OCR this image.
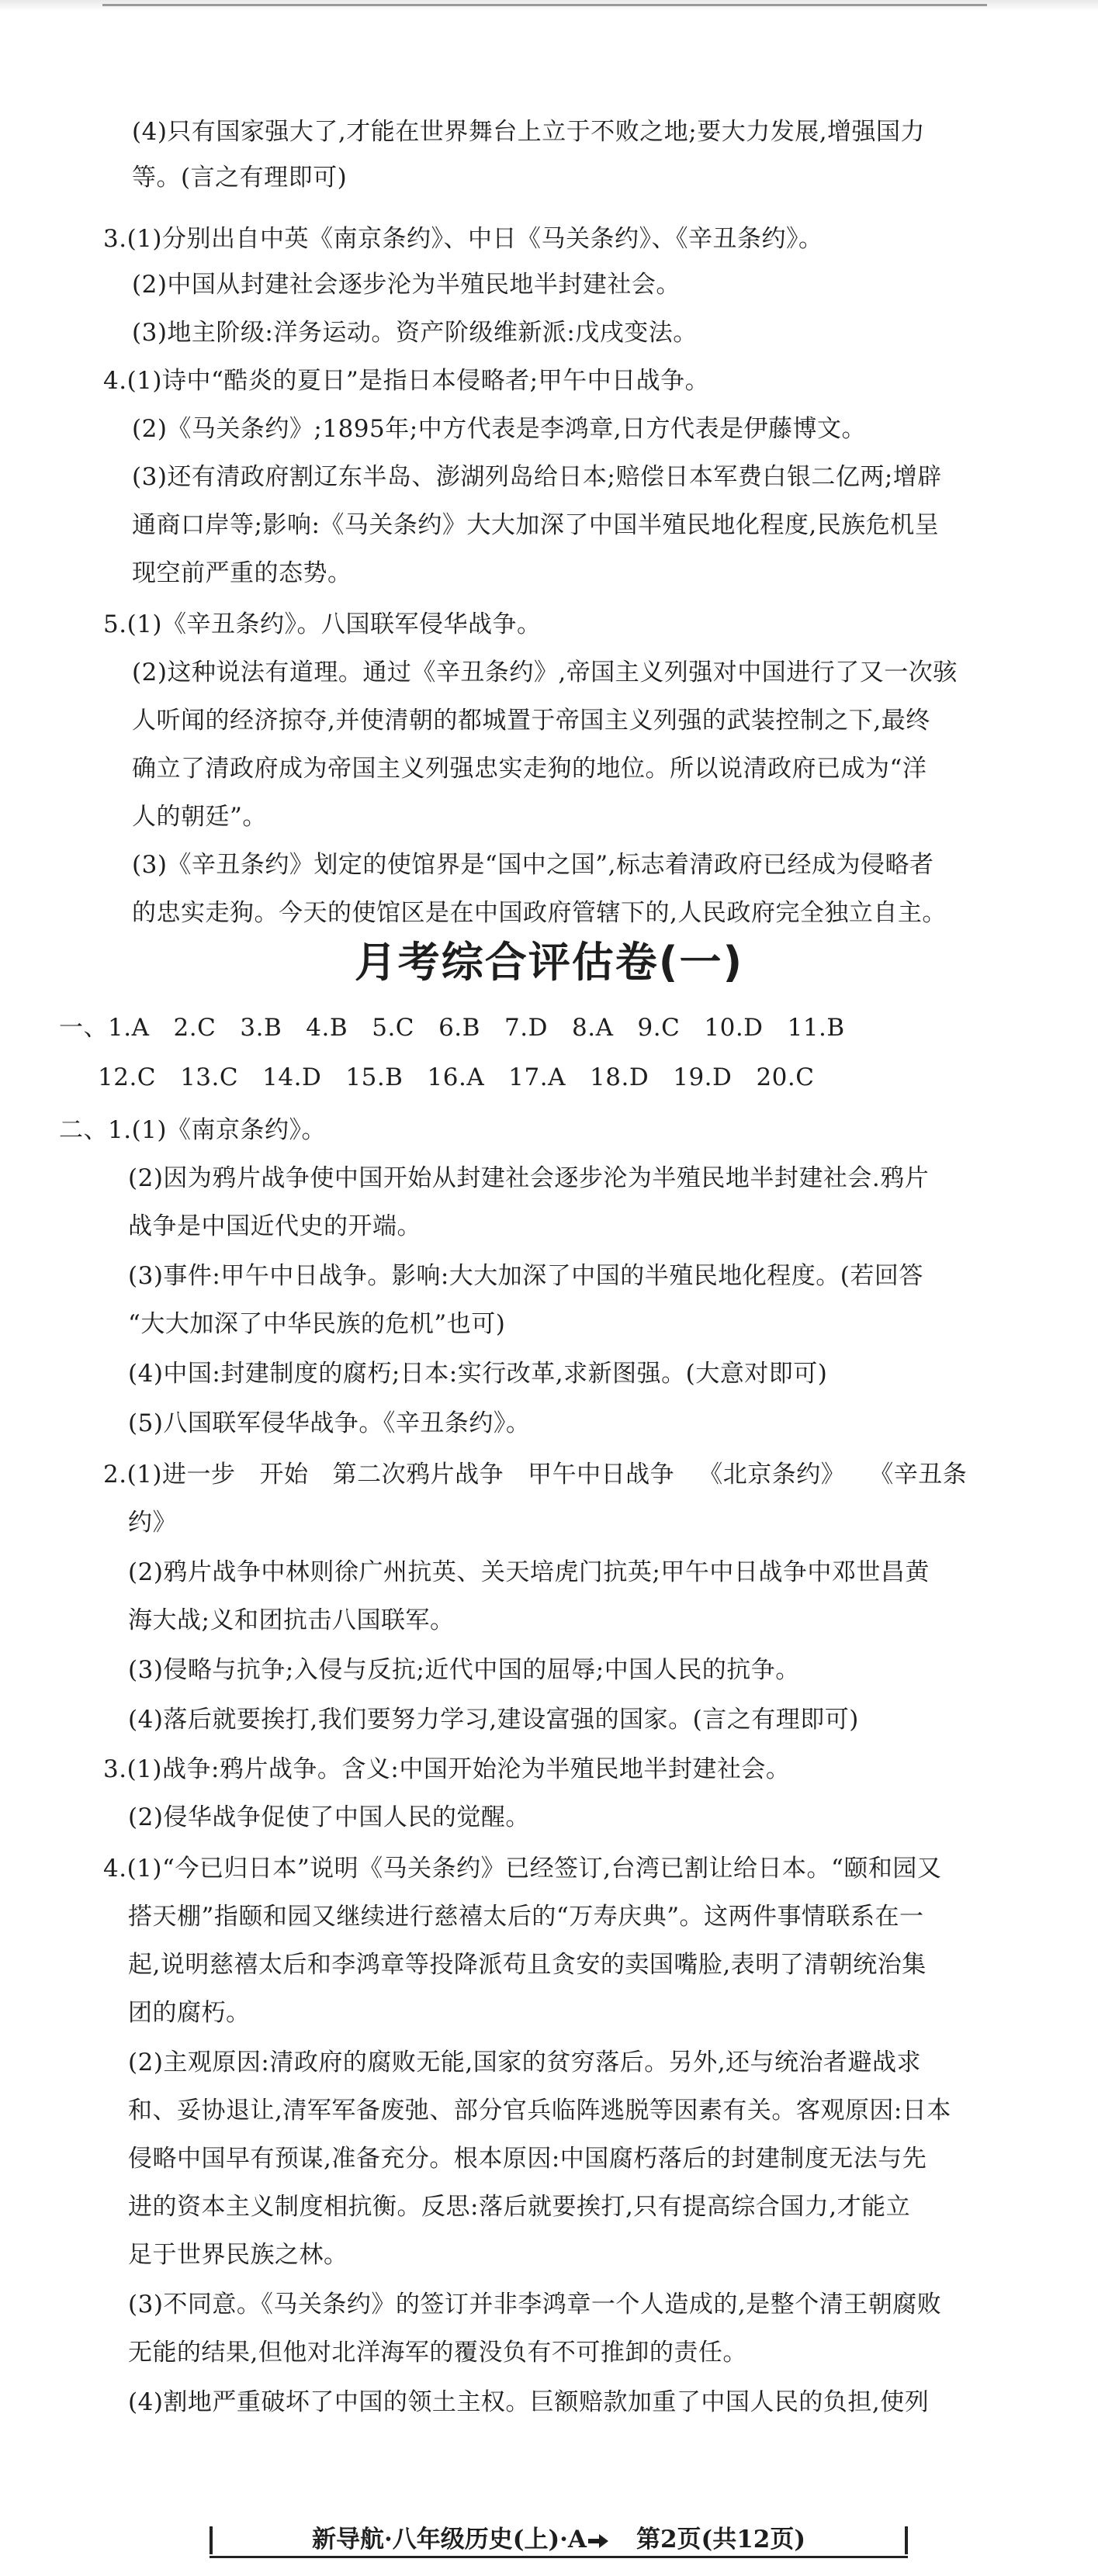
(4)只有国家强大了,才能在世界舞台上立于不败之地;要大力发展,增强国力
等。(言之有理即可)
3.(1)分别出自中英《南京条约》、中日《马关条约》、《辛丑条约》。
(2)中国从封建社会逐步沦为半殖民地半封建社会。
(3)地主阶级:洋务运动。资产阶级维新派:戊戌变法。
4.(1)诗中“酷炎的夏日”是指日本侵略者;甲午中日战争。
(2)《马关条约》;1895年;中方代表是李鸿章,日方代表是伊藤博文。
(3)还有清政府割辽东半岛、澎湖列岛给日本;赔偿日本军费白银二亿两;增辟
通商口岸等;影响:《马关条约》大大加深了中国半殖民地化程度,民族危机呈
现空前严重的态势。
5.(1)《辛丑条约》。八国联军侵华战争。
(2)这种说法有道理。通过《辛丑条约》,帝国主义列强对中国进行了又一次骇
人听闻的经济掠夺,并使清朝的都城置于帝国主义列强的武装控制之下,最终
确立了清政府成为帝国主义列强忠实走狗的地位。所以说清政府已成为“洋
人的朝廷”。
(3)《辛丑条约》划定的使馆界是“国中之国”,标志着清政府已经成为侵略者
的忠实走狗。今天的使馆区是在中国政府管辖下的,人民政府完全独立自主。
月考综合评估卷(一)
一、1.A   2.C   3.B   4.B   5.C   6.B   7.D   8.A   9.C   10.D   11.B
12.C   13.C   14.D   15.B   16.A   17.A   18.D   19.D   20.C
二、1.(1)《南京条约》。
(2)因为鸦片战争使中国开始从封建社会逐步沦为半殖民地半封建社会.鸦片
战争是中国近代史的开端。
(3)事件:甲午中日战争。影响:大大加深了中国的半殖民地化程度。(若回答
“大大加深了中华民族的危机”也可)
(4)中国:封建制度的腐朽;日本:实行改革,求新图强。(大意对即可)
(5)八国联军侵华战争。《辛丑条约》。
2.(1)进一步   开始   第二次鸦片战争   甲午中日战争   《北京条约》   《辛丑条
约》
(2)鸦片战争中林则徐广州抗英、关天培虎门抗英;甲午中日战争中邓世昌黄
海大战;义和团抗击八国联军。
(3)侵略与抗争;入侵与反抗;近代中国的屈辱;中国人民的抗争。
(4)落后就要挨打,我们要努力学习,建设富强的国家。(言之有理即可)
3.(1)战争:鸦片战争。含义:中国开始沦为半殖民地半封建社会。
(2)侵华战争促使了中国人民的觉醒。
4.(1)“今已归日本”说明《马关条约》已经签订,台湾已割让给日本。“颐和园又
搭天棚”指颐和园又继续进行慈禧太后的“万寿庆典”。这两件事情联系在一
起,说明慈禧太后和李鸿章等投降派苟且贪安的卖国嘴脸,表明了清朝统治集
团的腐朽。
(2)主观原因:清政府的腐败无能,国家的贫穷落后。另外,还与统治者避战求
和、妥协退让,清军军备废弛、部分官兵临阵逃脱等因素有关。客观原因:日本
侵略中国早有预谋,准备充分。根本原因:中国腐朽落后的封建制度无法与先
进的资本主义制度相抗衡。反思:落后就要挨打,只有提高综合国力,才能立
足于世界民族之林。
(3)不同意。《马关条约》的签订并非李鸿章一个人造成的,是整个清王朝腐败
无能的结果,但他对北洋海军的覆没负有不可推卸的责任。
(4)割地严重破坏了中国的领土主权。巨额赔款加重了中国人民的负担,使列
新导航·八年级历史(上)·A 第2页(共12页)
